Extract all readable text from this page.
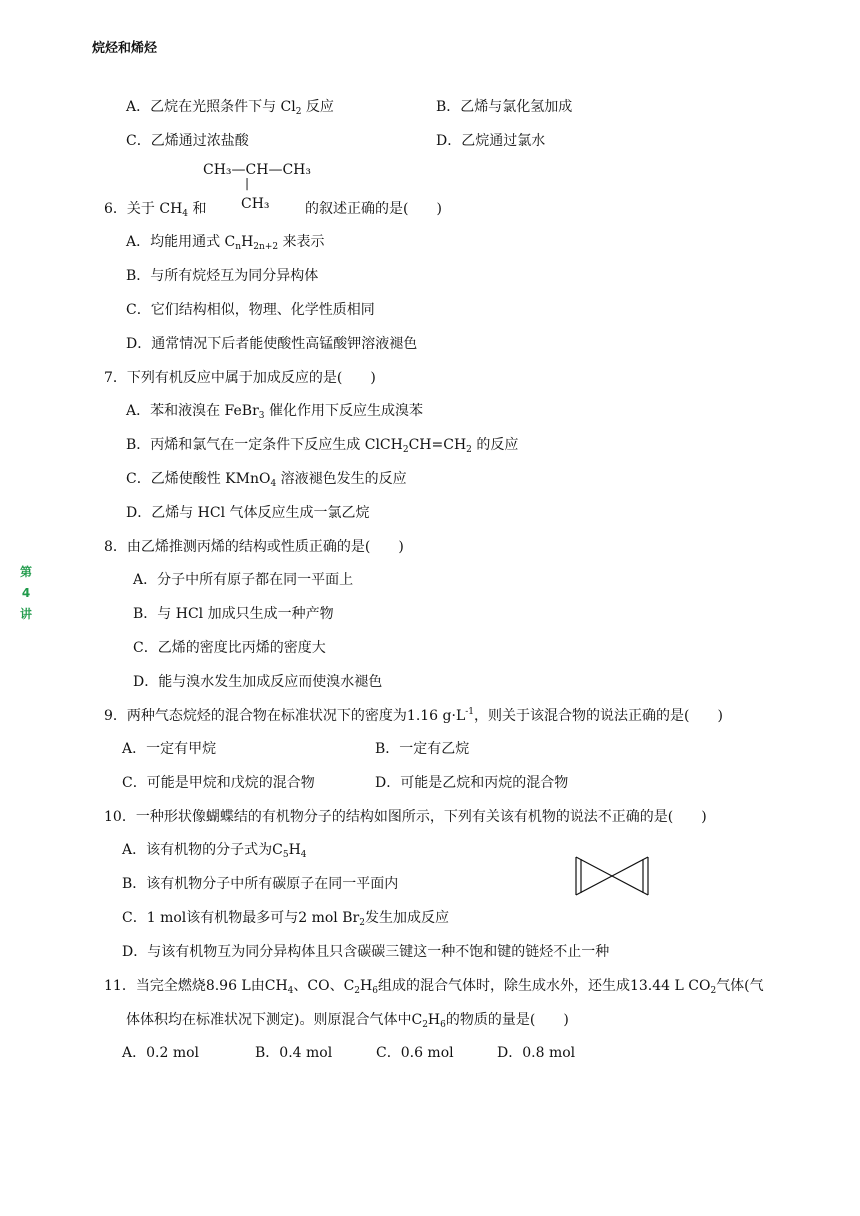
烷烃和烯烃
第
4
讲
A．乙烷在光照条件下与 $Cl_2$ 反应	B．乙烯与氯化氢加成
C．乙烯通过浓盐酸	D．乙烷通过氯水
CH₃—CH—CH₃
|
CH₃
6．关于 $CH_4$ 和	的叙述正确的是(　　)
A．均能用通式 $C_nH_{2n+2}$ 来表示
B．与所有烷烃互为同分异构体
C．它们结构相似，物理、化学性质相同
D．通常情况下后者能使酸性高锰酸钾溶液褪色
7．下列有机反应中属于加成反应的是(　　)
A．苯和液溴在 FeBr$_3$ 催化作用下反应生成溴苯
B．丙烯和氯气在一定条件下反应生成 $ClCH_2CH=CH_2$ 的反应
C．乙烯使酸性 KMnO$_4$ 溶液褪色发生的反应
D．乙烯与 HCl 气体反应生成一氯乙烷
8．由乙烯推测丙烯的结构或性质正确的是(　　)
A．分子中所有原子都在同一平面上
B．与 HCl 加成只生成一种产物
C．乙烯的密度比丙烯的密度大
D．能与溴水发生加成反应而使溴水褪色
9．两种气态烷烃的混合物在标准状况下的密度为1.16 $g\cdot L^{-1}$，则关于该混合物的说法正确的是(　　)
A．一定有甲烷	B．一定有乙烷
C．可能是甲烷和戊烷的混合物	D．可能是乙烷和丙烷的混合物
10．一种形状像蝴蝶结的有机物分子的结构如图所示，下列有关该有机物的说法不正确的是(　　)
A．该有机物的分子式为$C_5H_4$
B．该有机物分子中所有碳原子在同一平面内
C．1 mol该有机物最多可与2 mol $Br_2$发生加成反应
D．与该有机物互为同分异构体且只含碳碳三键这一种不饱和键的链烃不止一种
11．当完全燃烧8.96 L由$CH_4$、CO、$C_2H_6$组成的混合气体时，除生成水外，还生成13.44 L $CO_2$气体(气
体体积均在标准状况下测定)。则原混合气体中$C_2H_6$的物质的量是(　　)
A．0.2 mol	B．0.4 mol	C．0.6 mol	D．0.8 mol
